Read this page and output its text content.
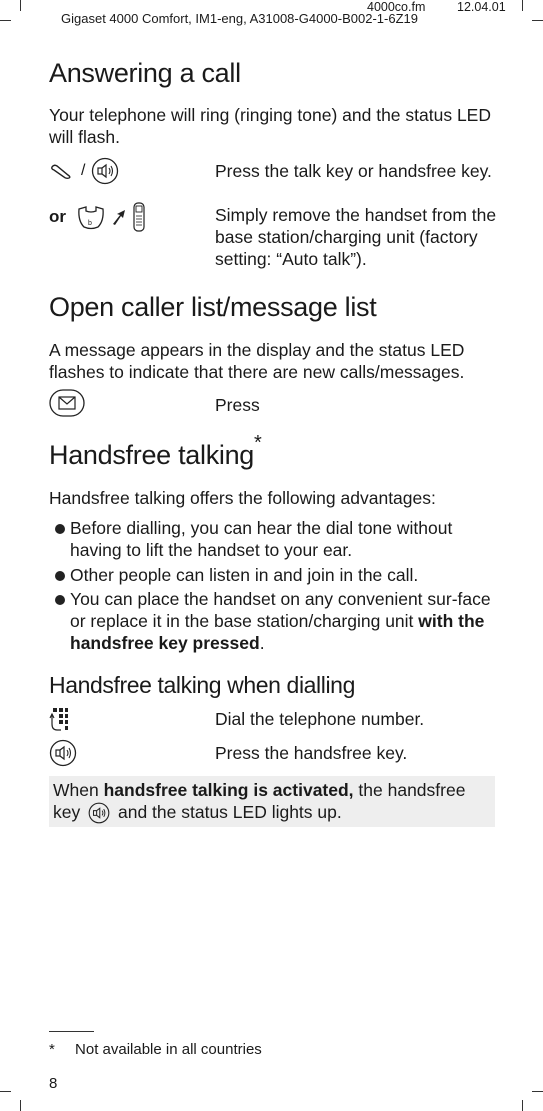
4000co.fm	12.04.01
Gigaset 4000 Comfort, IM1-eng, A31008-G4000-B002-1-6Z19
Answering a call
Your telephone will ring (ringing tone) and the status LED will flash.
/	Press the talk key or handsfree key.
or	b	Simply remove the handset from the base station/charging unit (factory setting: “Auto talk”).
Open caller list/message list
A message appears in the display and the status LED flashes to indicate that there are new calls/messages.
Press
Handsfree talking*
Handsfree talking offers the following advantages:
Before dialling, you can hear the dial tone without having to lift the handset to your ear.
Other people can listen in and join in the call.
You can place the handset on any convenient sur-face or replace it in the base station/charging unit with the handsfree key pressed.
Handsfree talking when dialling
Dial the telephone number.
Press the handsfree key.
When handsfree talking is activated, the handsfree key and the status LED lights up.
* Not available in all countries
8
